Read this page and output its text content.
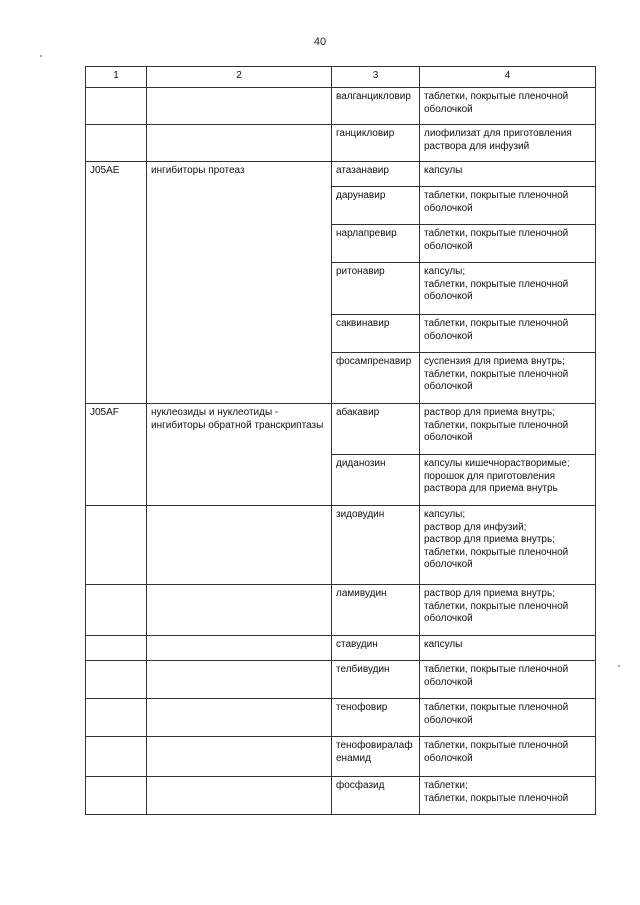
40
1	2	3	4

		валганцикловир	таблетки, покрытые пленочной
оболочкой

		ганцикловир	лиофилизат для приготовления
раствора для инфузий

J05AE	ингибиторы протеаз	атазанавир	капсулы

		дарунавир	таблетки, покрытые пленочной
оболочкой

		нарлапревир	таблетки, покрытые пленочной
оболочкой

		ритонавир	капсулы;
таблетки, покрытые пленочной
оболочкой

		саквинавир	таблетки, покрытые пленочной
оболочкой

		фосампренавир	суспензия для приема внутрь;
таблетки, покрытые пленочной
оболочкой

J05AF	нуклеозиды и нуклеотиды - ингибиторы обратной транскриптазы	абакавир	раствор для приема внутрь;
таблетки, покрытые пленочной
оболочкой

		диданозин	капсулы кишечнорастворимые;
порошок для приготовления
раствора для приема внутрь

		зидовудин	капсулы;
раствор для инфузий;
раствор для приема внутрь;
таблетки, покрытые пленочной
оболочкой

		ламивудин	раствор для приема внутрь;
таблетки, покрытые пленочной
оболочкой

		ставудин	капсулы

		телбивудин	таблетки, покрытые пленочной
оболочкой

		тенофовир	таблетки, покрытые пленочной
оболочкой

		тенофовиралафенамид	таблетки, покрытые пленочной
оболочкой

		фосфазид	таблетки;
таблетки, покрытые пленочной
